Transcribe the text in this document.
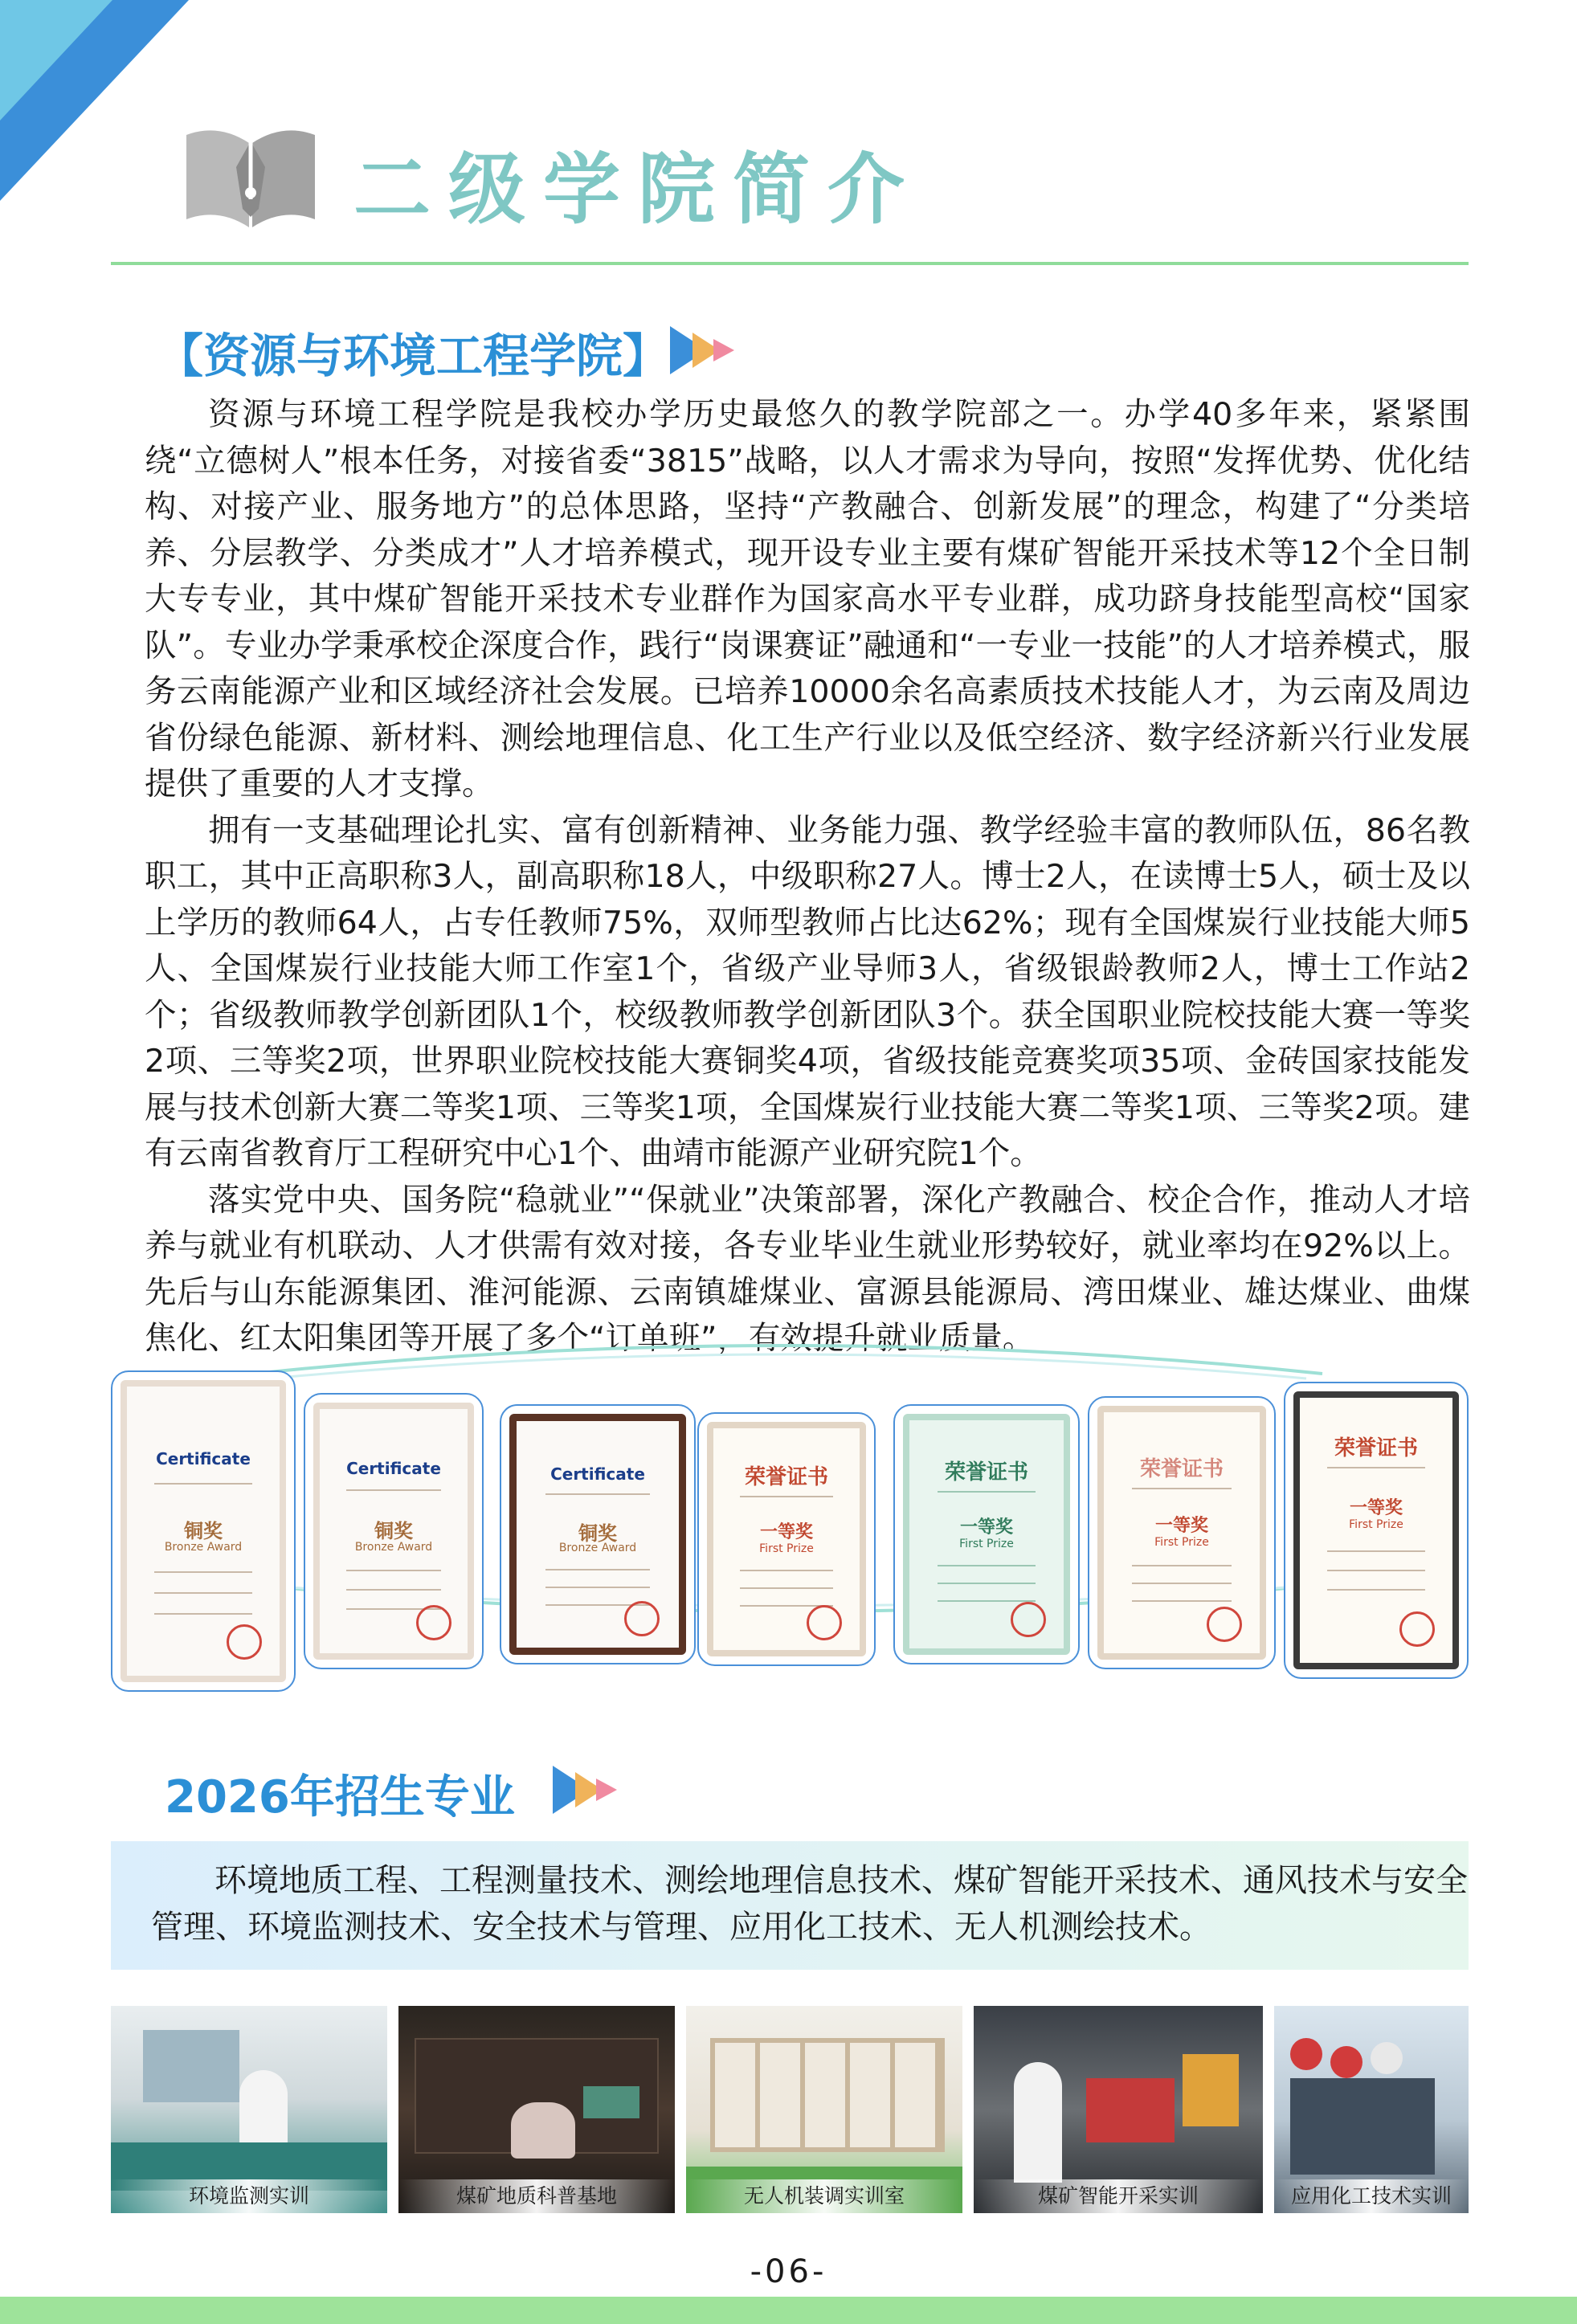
二级学院简介
【资源与环境工程学院】

资源与环境工程学院是我校办学历史最悠久的教学院部之一。办学40多年来，紧紧围绕“立德树人”根本任务，对接省委“3815”战略，以人才需求为导向，按照“发挥优势、优化结构、对接产业、服务地方”的总体思路，坚持“产教融合、创新发展”的理念，构建了“分类培养、分层教学、分类成才”人才培养模式，现开设专业主要有煤矿智能开采技术等12个全日制大专专业，其中煤矿智能开采技术专业群作为国家高水平专业群，成功跻身技能型高校“国家队”。专业办学秉承校企深度合作，践行“岗课赛证”融通和“一专业一技能”的人才培养模式，服务云南能源产业和区域经济社会发展。已培养10000余名高素质技术技能人才，为云南及周边省份绿色能源、新材料、测绘地理信息、化工生产行业以及低空经济、数字经济新兴行业发展提供了重要的人才支撑。

拥有一支基础理论扎实、富有创新精神、业务能力强、教学经验丰富的教师队伍，86名教职工，其中正高职称3人，副高职称18人，中级职称27人。博士2人，在读博士5人，硕士及以上学历的教师64人，占专任教师75%，双师型教师占比达62%；现有全国煤炭行业技能大师5人、全国煤炭行业技能大师工作室1个，省级产业导师3人，省级银龄教师2人，博士工作站2个；省级教师教学创新团队1个，校级教师教学创新团队3个。获全国职业院校技能大赛一等奖2项、三等奖2项，世界职业院校技能大赛铜奖4项，省级技能竞赛奖项35项、金砖国家技能发展与技术创新大赛二等奖1项、三等奖1项，全国煤炭行业技能大赛二等奖1项、三等奖2项。建有云南省教育厅工程研究中心1个、曲靖市能源产业研究院1个。

落实党中央、国务院“稳就业”“保就业”决策部署，深化产教融合、校企合作，推动人才培养与就业有机联动、人才供需有效对接，各专业毕业生就业形势较好，就业率均在92%以上。先后与山东能源集团、淮河能源、云南镇雄煤业、富源县能源局、湾田煤业、雄达煤业、曲煤焦化、红太阳集团等开展了多个“订单班”，有效提升就业质量。

Certificate
铜奖
Bronze Award
Certificate
铜奖
Bronze Award
Certificate
铜奖
Bronze Award
荣誉证书
一等奖
First Prize
荣誉证书
一等奖
First Prize
荣誉证书
一等奖
First Prize
荣誉证书
一等奖
First Prize
2026年招生专业
环境地质工程、工程测量技术、测绘地理信息技术、煤矿智能开采技术、通风技术与安全管理、环境监测技术、安全技术与管理、应用化工技术、无人机测绘技术。
环境监测实训	煤矿地质科普基地	无人机装调实训室	煤矿智能开采实训	应用化工技术实训
-06-
